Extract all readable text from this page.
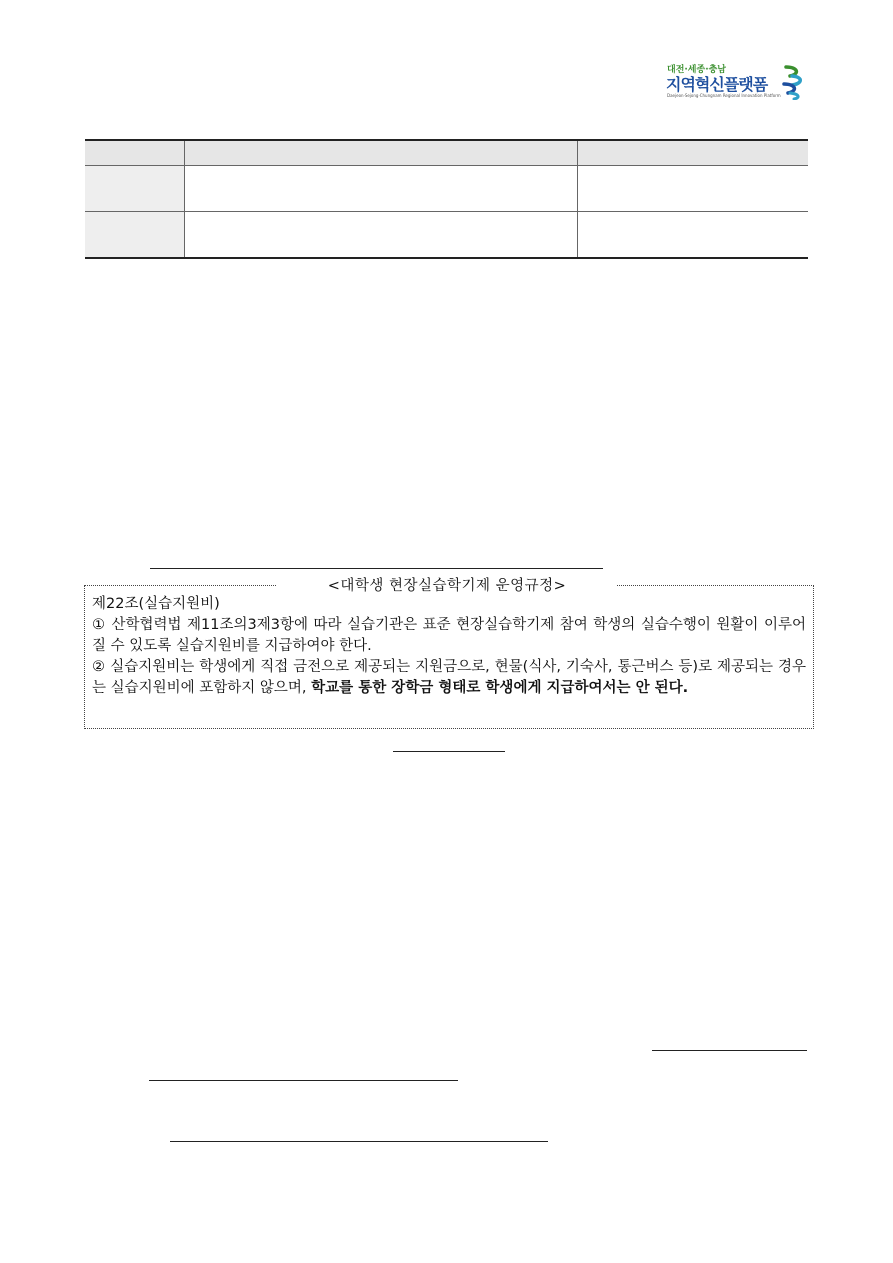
대전·세종·충남
지역혁신플랫폼
Daejeon·Sejong·Chungnam Regional Innovation Platform

<대학생 현장실습학기제 운영규정>

제22조(실습지원비)

① 산학협력법 제11조의3제3항에 따라 실습기관은 표준 현장실습학기제 참여 학생의 실습수행이 원활이 이루어질 수 있도록 실습지원비를 지급하여야 한다.

② 실습지원비는 학생에게 직접 금전으로 제공되는 지원금으로, 현물(식사, 기숙사, 통근버스 등)로 제공되는 경우는 실습지원비에 포함하지 않으며, 학교를 통한 장학금 형태로 학생에게 지급하여서는 안 된다.
